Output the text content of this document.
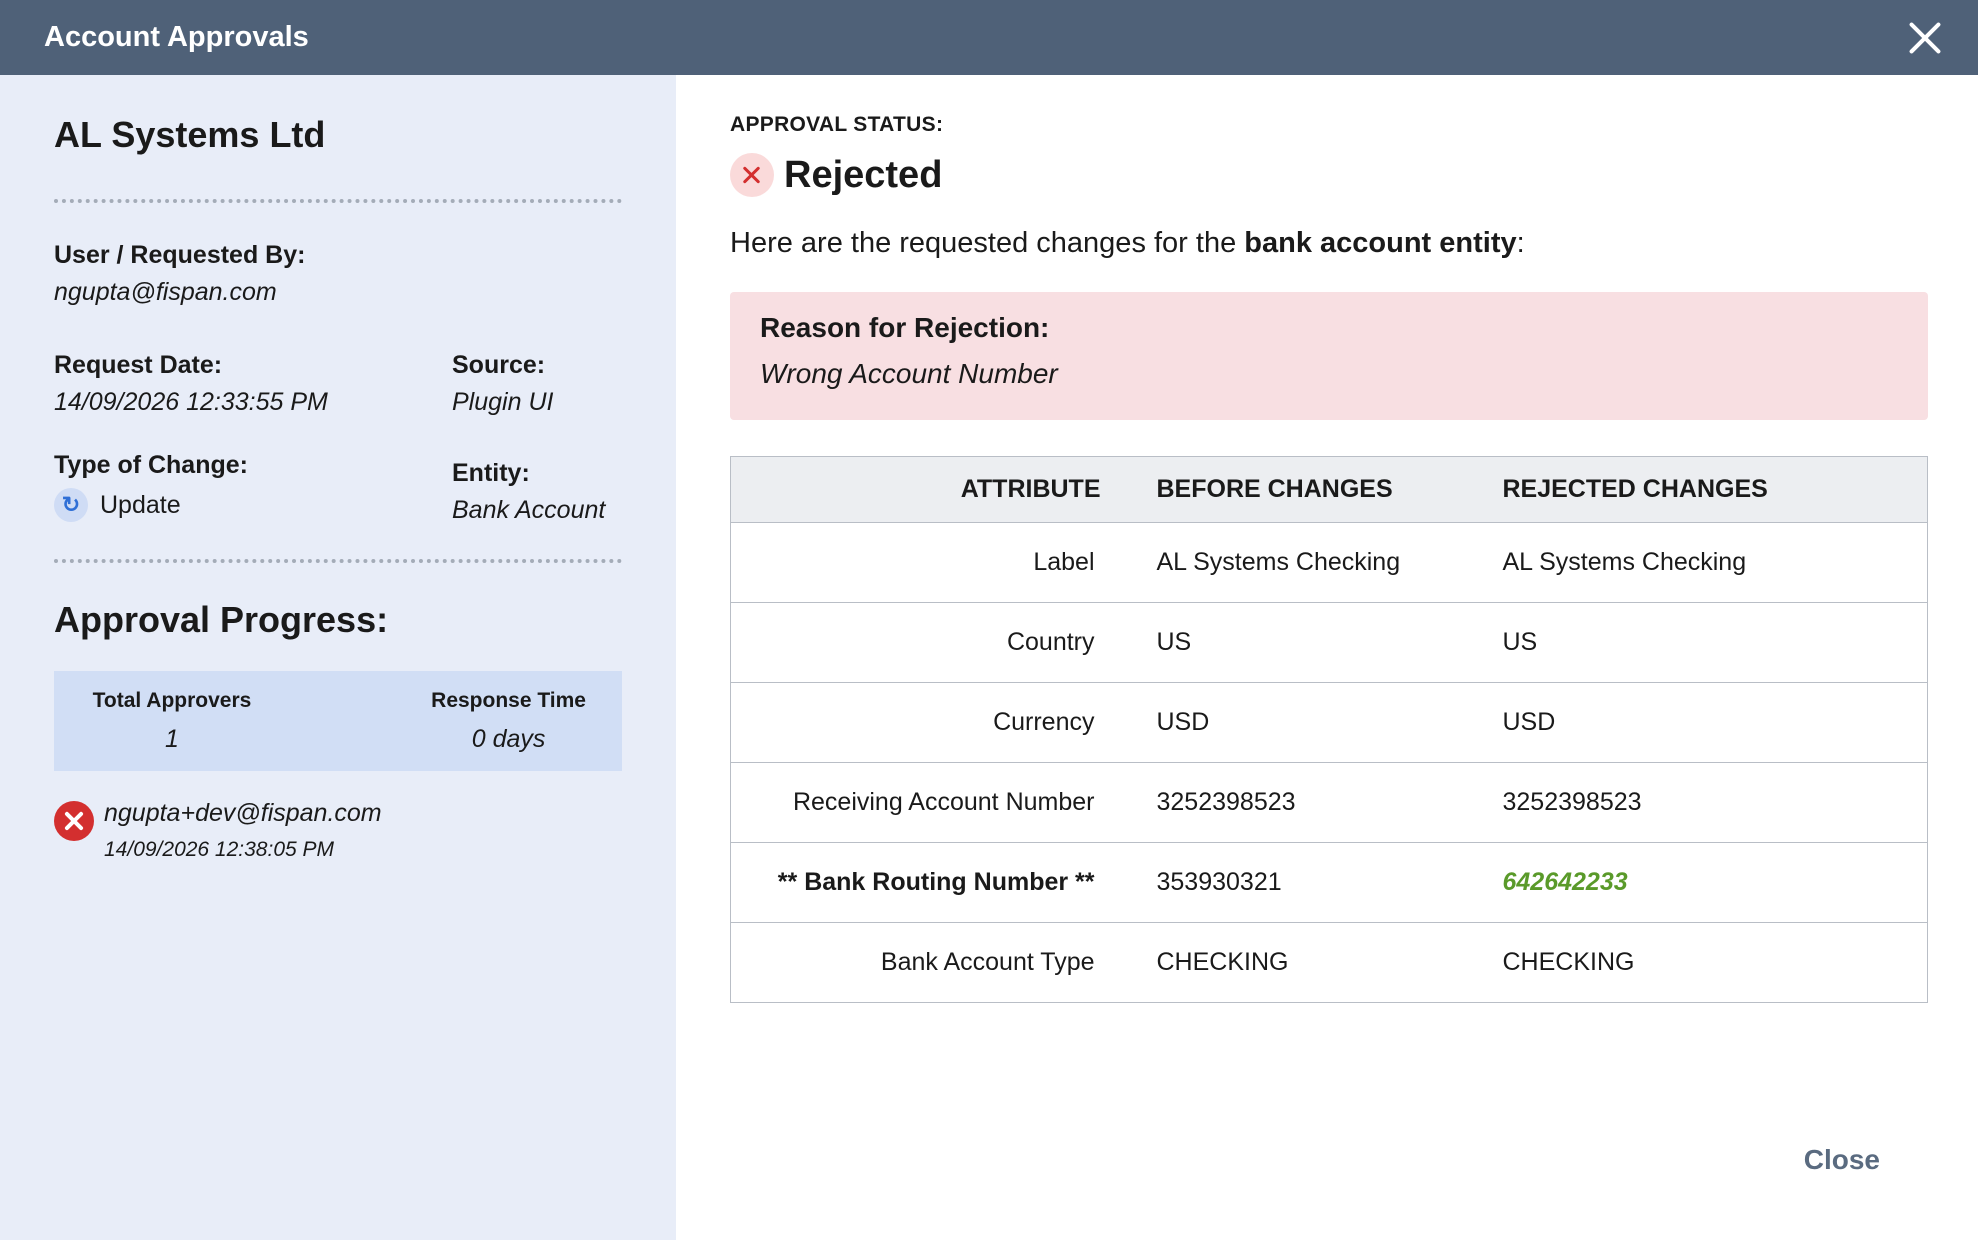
Account Approvals
AL Systems Ltd
User / Requested By:
ngupta@fispan.com
Request Date:
14/09/2026 12:33:55 PM
Source:
Plugin UI
Type of Change:
↻ Update
Entity:
Bank Account
Approval Progress:
Total Approvers
1
Response Time
0 days
ngupta+dev@fispan.com
14/09/2026 12:38:05 PM
APPROVAL STATUS:
Rejected
Here are the requested changes for the bank account entity:
Reason for Rejection:
Wrong Account Number
ATTRIBUTE	BEFORE CHANGES	REJECTED CHANGES
Label	AL Systems Checking	AL Systems Checking
Country	US	US
Currency	USD	USD
Receiving Account Number	3252398523	3252398523
** Bank Routing Number **	353930321	642642233
Bank Account Type	CHECKING	CHECKING
Close
